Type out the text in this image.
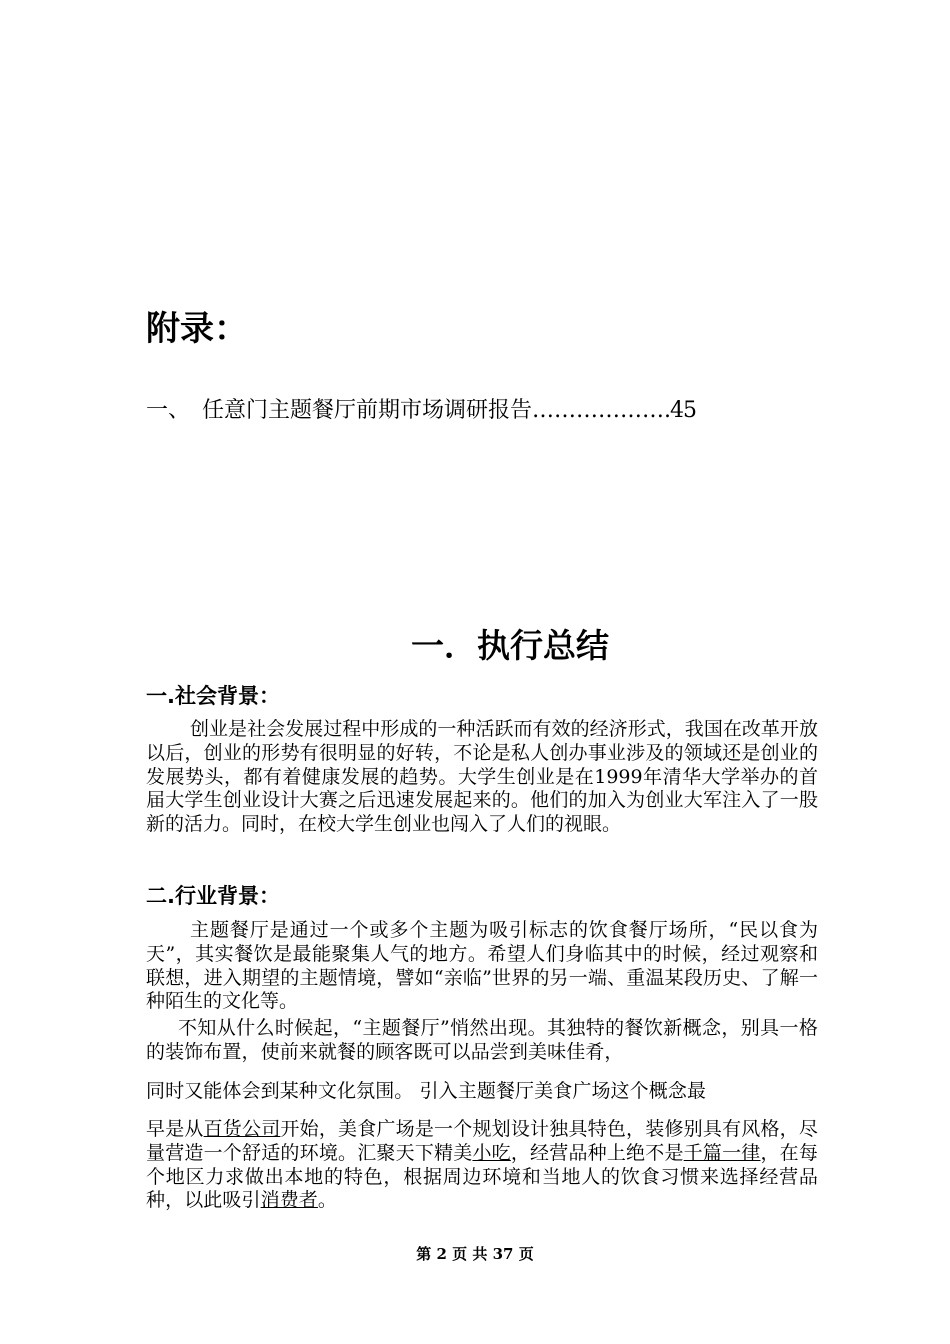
附录：
一、 任意门主题餐厅前期市场调研报告……………….45
一．执行总结
一.社会背景：

创业是社会发展过程中形成的一种活跃而有效的经济形式，我国在改革开放以后，创业的形势有很明显的好转，不论是私人创办事业涉及的领域还是创业的发展势头，都有着健康发展的趋势。大学生创业是在1999年清华大学举办的首届大学生创业设计大赛之后迅速发展起来的。他们的加入为创业大军注入了一股新的活力。同时，在校大学生创业也闯入了人们的视眼。

二.行业背景：

主题餐厅是通过一个或多个主题为吸引标志的饮食餐厅场所，“民以食为天”，其实餐饮是最能聚集人气的地方。希望人们身临其中的时候，经过观察和联想，进入期望的主题情境，譬如“亲临”世界的另一端、重温某段历史、了解一种陌生的文化等。

不知从什么时候起，“主题餐厅”悄然出现。其独特的餐饮新概念，别具一格的装饰布置，使前来就餐的顾客既可以品尝到美味佳肴，

同时又能体会到某种文化氛围。 引入主题餐厅美食广场这个概念最

早是从百货公司开始，美食广场是一个规划设计独具特色，装修别具有风格，尽量营造一个舒适的环境。汇聚天下精美小吃，经营品种上绝不是千篇一律，在每个地区力求做出本地的特色，根据周边环境和当地人的饮食习惯来选择经营品种，以此吸引消费者。

第 2 页 共 37 页
